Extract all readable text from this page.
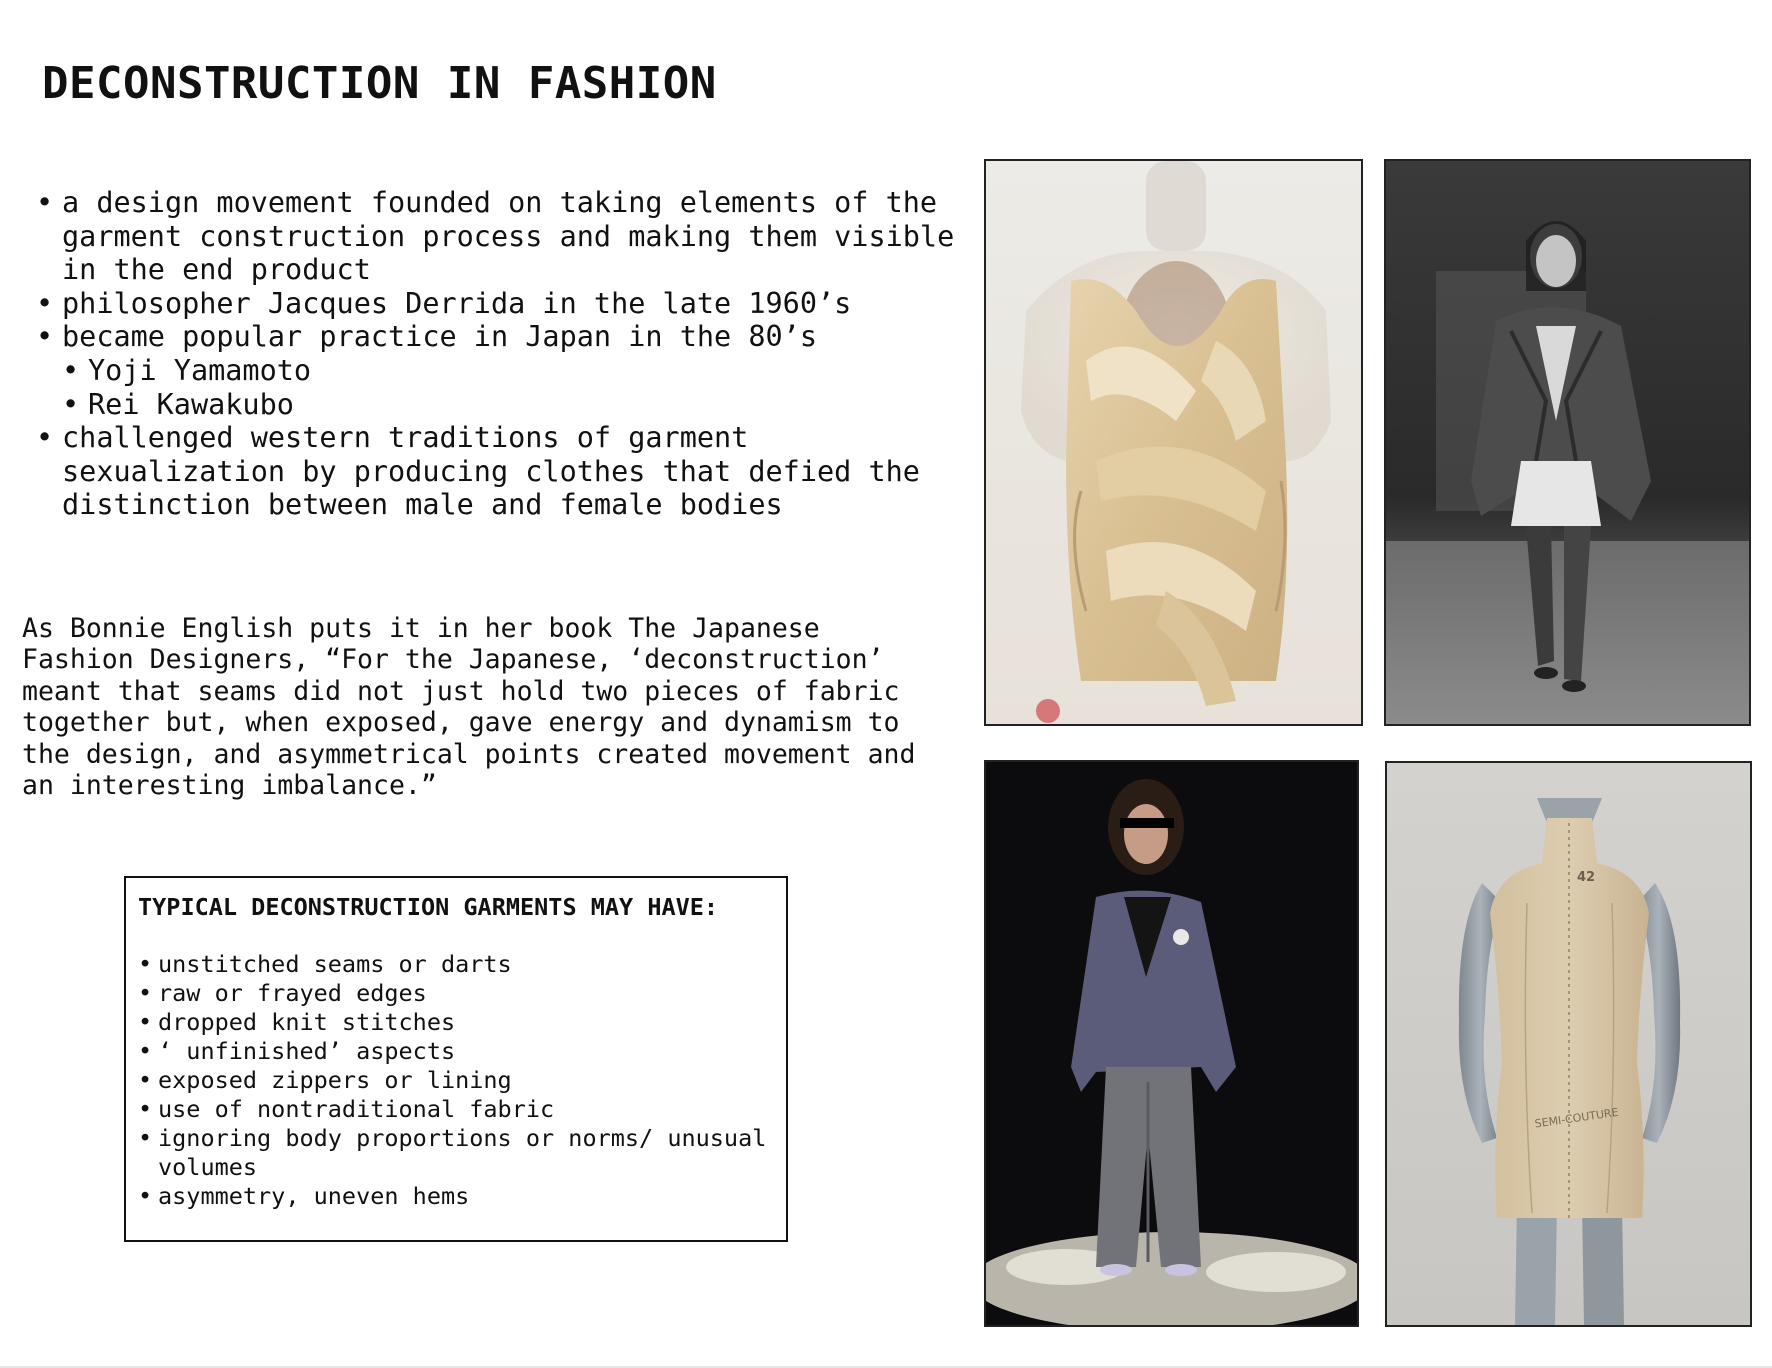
DECONSTRUCTION IN FASHION
• a design movement founded on taking elements of the garment construction process and making them visible in the end product
• philosopher Jacques Derrida in the late 1960’s
• became popular practice in Japan in the 80’s
• Yoji Yamamoto
• Rei Kawakubo
• challenged western traditions of garment sexualization by producing clothes that defied the distinction between male and female bodies

As Bonnie English puts it in her book The Japanese
Fashion Designers, “For the Japanese, ‘deconstruction’
meant that seams did not just hold two pieces of fabric
together but, when exposed, gave energy and dynamism to
the design, and asymmetrical points created movement and
an interesting imbalance.”

TYPICAL DECONSTRUCTION GARMENTS MAY HAVE:
• unstitched seams or darts
• raw or frayed edges
• dropped knit stitches
• ‘ unfinished’ aspects
• exposed zippers or lining
• use of nontraditional fabric
• ignoring body proportions or norms/ unusual volumes
• asymmetry, uneven hems
42
SEMI-COUTURE
